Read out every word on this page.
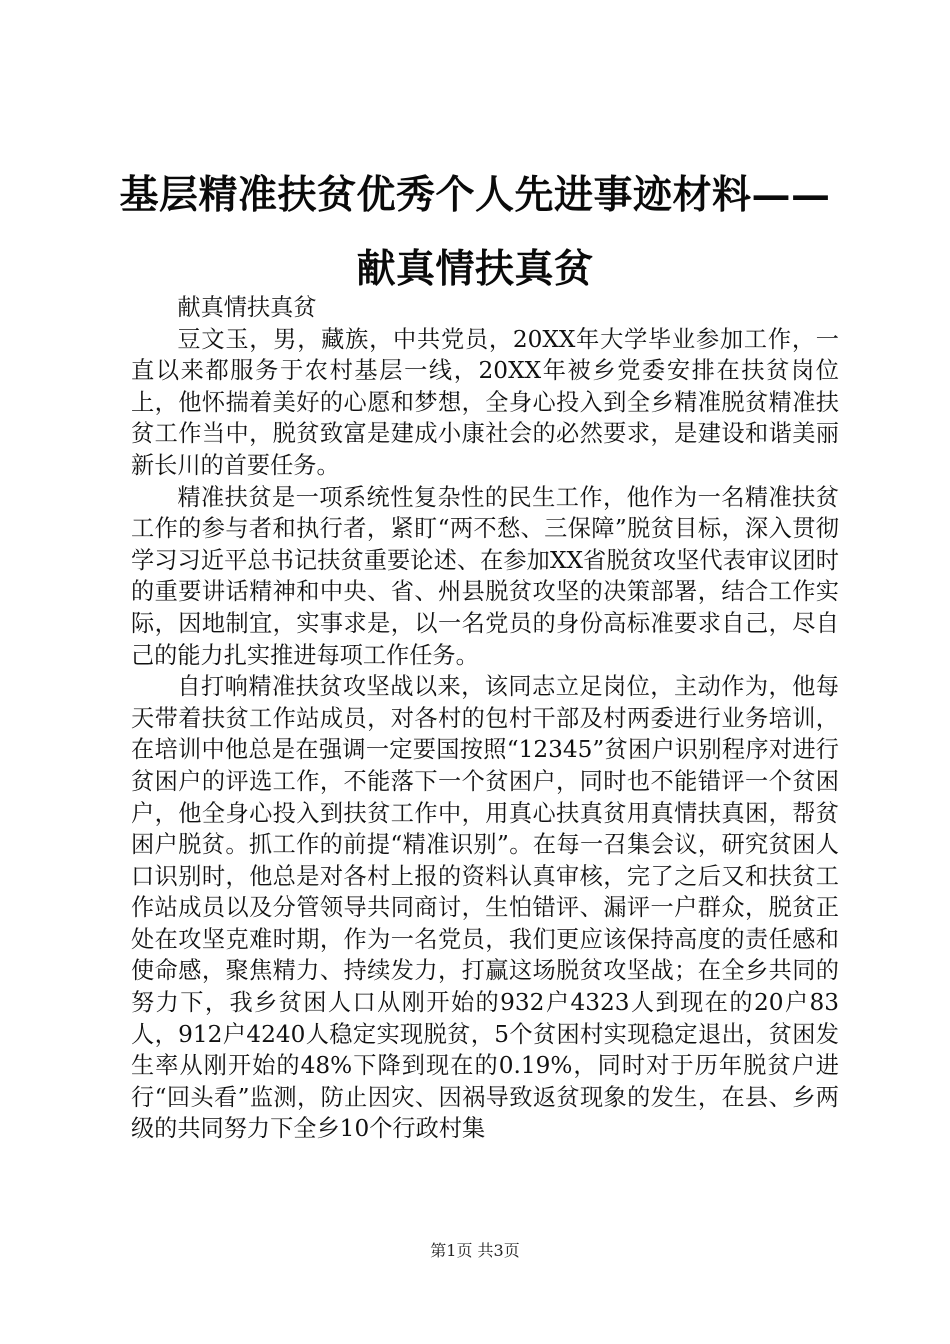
基层精准扶贫优秀个人先进事迹材料——献真情扶真贫

献真情扶真贫

豆文玉，男，藏族，中共党员，20XX年大学毕业参加工作，一直以来都服务于农村基层一线，20XX年被乡党委安排在扶贫岗位上，他怀揣着美好的心愿和梦想，全身心投入到全乡精准脱贫精准扶贫工作当中，脱贫致富是建成小康社会的必然要求，是建设和谐美丽新长川的首要任务。

精准扶贫是一项系统性复杂性的民生工作，他作为一名精准扶贫工作的参与者和执行者，紧盯“两不愁、三保障”脱贫目标，深入贯彻学习习近平总书记扶贫重要论述、在参加XX省脱贫攻坚代表审议团时的重要讲话精神和中央、省、州县脱贫攻坚的决策部署，结合工作实际，因地制宜，实事求是，以一名党员的身份高标准要求自己，尽自己的能力扎实推进每项工作任务。

自打响精准扶贫攻坚战以来，该同志立足岗位，主动作为，他每天带着扶贫工作站成员，对各村的包村干部及村两委进行业务培训，在培训中他总是在强调一定要国按照“12345”贫困户识别程序对进行贫困户的评选工作，不能落下一个贫困户，同时也不能错评一个贫困户，他全身心投入到扶贫工作中，用真心扶真贫用真情扶真困，帮贫困户脱贫。抓工作的前提“精准识别”。在每一召集会议，研究贫困人口识别时，他总是对各村上报的资料认真审核，完了之后又和扶贫工作站成员以及分管领导共同商讨，生怕错评、漏评一户群众，脱贫正处在攻坚克难时期，作为一名党员，我们更应该保持高度的责任感和使命感，聚焦精力、持续发力，打赢这场脱贫攻坚战；在全乡共同的努力下，我乡贫困人口从刚开始的932户4323人到现在的20户83人，912户4240人稳定实现脱贫，5个贫困村实现稳定退出，贫困发生率从刚开始的48%下降到现在的0.19%，同时对于历年脱贫户进行“回头看”监测，防止因灾、因祸导致返贫现象的发生，在县、乡两级的共同努力下全乡10个行政村集

第1页 共3页
